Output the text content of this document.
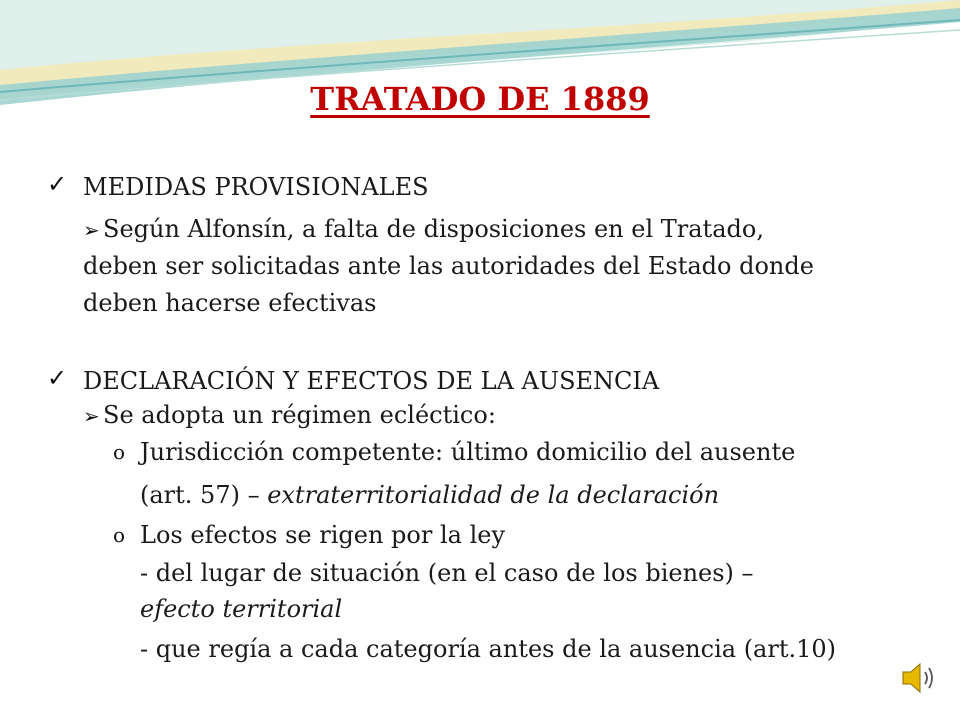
TRATADO DE 1889
✓ MEDIDAS PROVISIONALES
➢ Según Alfonsín, a falta de disposiciones en el Tratado,
deben ser solicitadas ante las autoridades del Estado donde
deben hacerse efectivas
✓ DECLARACIÓN Y EFECTOS DE LA AUSENCIA
➢ Se adopta un régimen ecléctico:
o Jurisdicción competente: último domicilio del ausente
(art. 57) – extraterritorialidad de la declaración
o Los efectos se rigen por la ley
- del lugar de situación (en el caso de los bienes) –
efecto territorial
- que regía a cada categoría antes de la ausencia (art.10)
